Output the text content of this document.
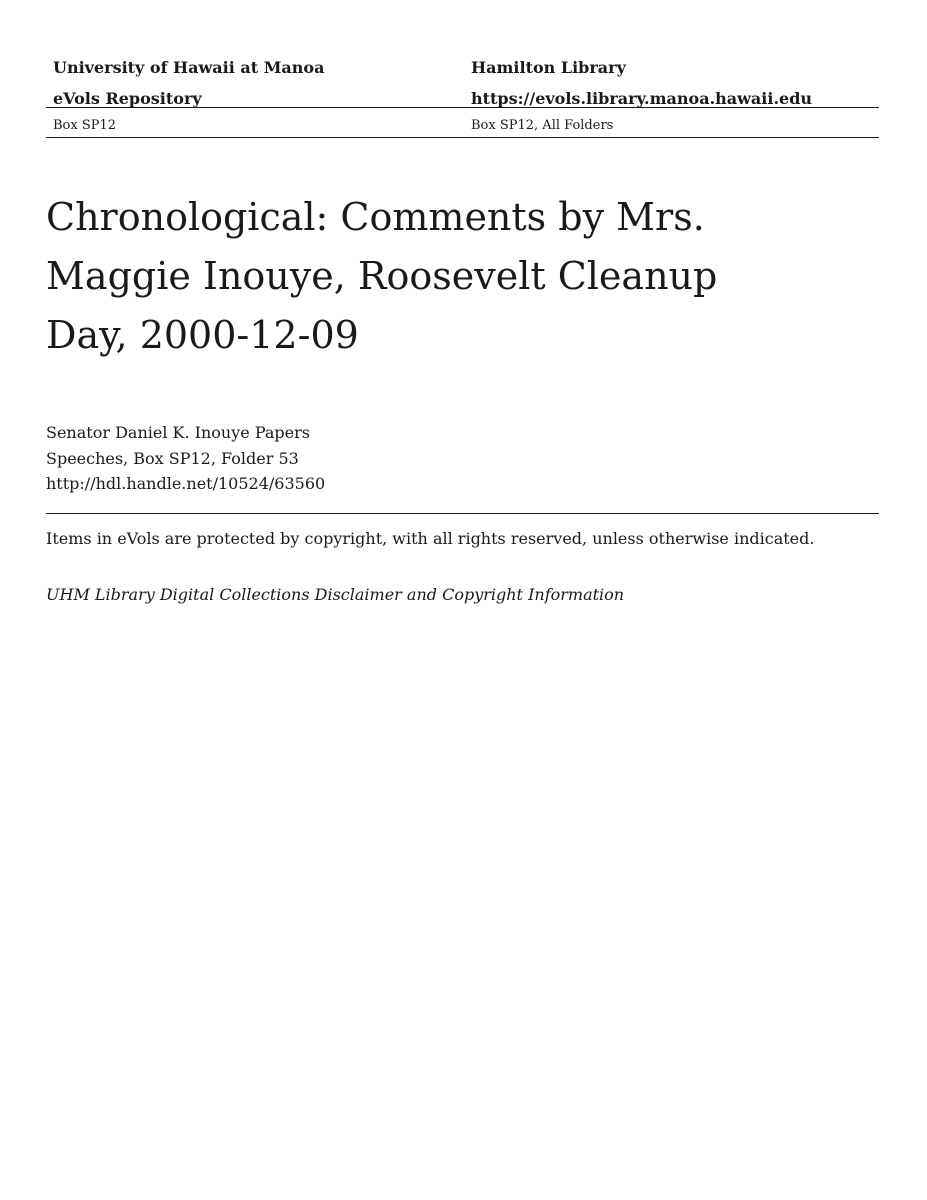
University of Hawaii at Manoa	Hamilton Library
eVols Repository	https://evols.library.manoa.hawaii.edu
Box SP12	Box SP12, All Folders
Chronological: Comments by Mrs.
Maggie Inouye, Roosevelt Cleanup
Day, 2000-12-09
Senator Daniel K. Inouye Papers
Speeches, Box SP12, Folder 53
http://hdl.handle.net/10524/63560
Items in eVols are protected by copyright, with all rights reserved, unless otherwise indicated.
UHM Library Digital Collections Disclaimer and Copyright Information
